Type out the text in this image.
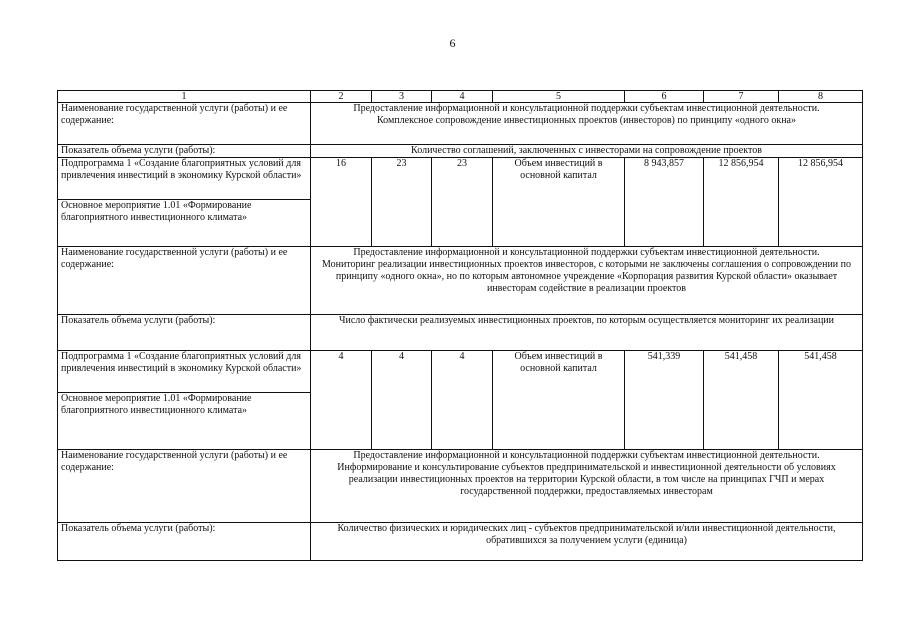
6
1	2	3	4	5	6	7	8
Наименование государственной услуги (работы) и ее содержание:	Предоставление информационной и консультационной поддержки субъектам инвестиционной деятельности.
Комплексное сопровождение инвестиционных проектов (инвесторов) по принципу «одного окна»						

Показатель объема услуги (работы):	Количество соглашений, заключенных с инвесторами на сопровождение проектов						
Подпрограмма 1 «Создание благоприятных условий для привлечения инвестиций в экономику Курской области»	16	23	23	Объем инвестиций в основной капитал	8 943,857	12 856,954	12 856,954
Основное мероприятие 1.01 «Формирование благоприятного инвестиционного климата»							
Наименование государственной услуги (работы) и ее содержание:	Предоставление информационной и консультационной поддержки субъектам инвестиционной деятельности.
Мониторинг реализации инвестиционных проектов инвесторов, с которыми не заключены соглашения о сопровождении по принципу «одного окна», но по которым автономное учреждение «Корпорация развития Курской области» оказывает инвесторам содействие в реализации проектов						

Показатель объема услуги (работы):	Число фактически реализуемых инвестиционных проектов, по которым осуществляется мониторинг их реализации						
Подпрограмма 1 «Создание благоприятных условий для привлечения инвестиций в экономику Курской области»	4	4	4	Объем инвестиций в основной капитал	541,339	541,458	541,458
Основное мероприятие 1.01 «Формирование благоприятного инвестиционного климата»							
Наименование государственной услуги (работы) и ее содержание:	Предоставление информационной и консультационной поддержки субъектам инвестиционной деятельности.
Информирование и консультирование субъектов предпринимательской и инвестиционной деятельности об условиях реализации инвестиционных проектов на территории Курской области, в том числе на принципах ГЧП и мерах государственной поддержки, предоставляемых инвесторам						

Показатель объема услуги (работы):	Количество физических и юридических лиц - субъектов предпринимательской и/или инвестиционной деятельности, обратившихся за получением услуги (единица)						
